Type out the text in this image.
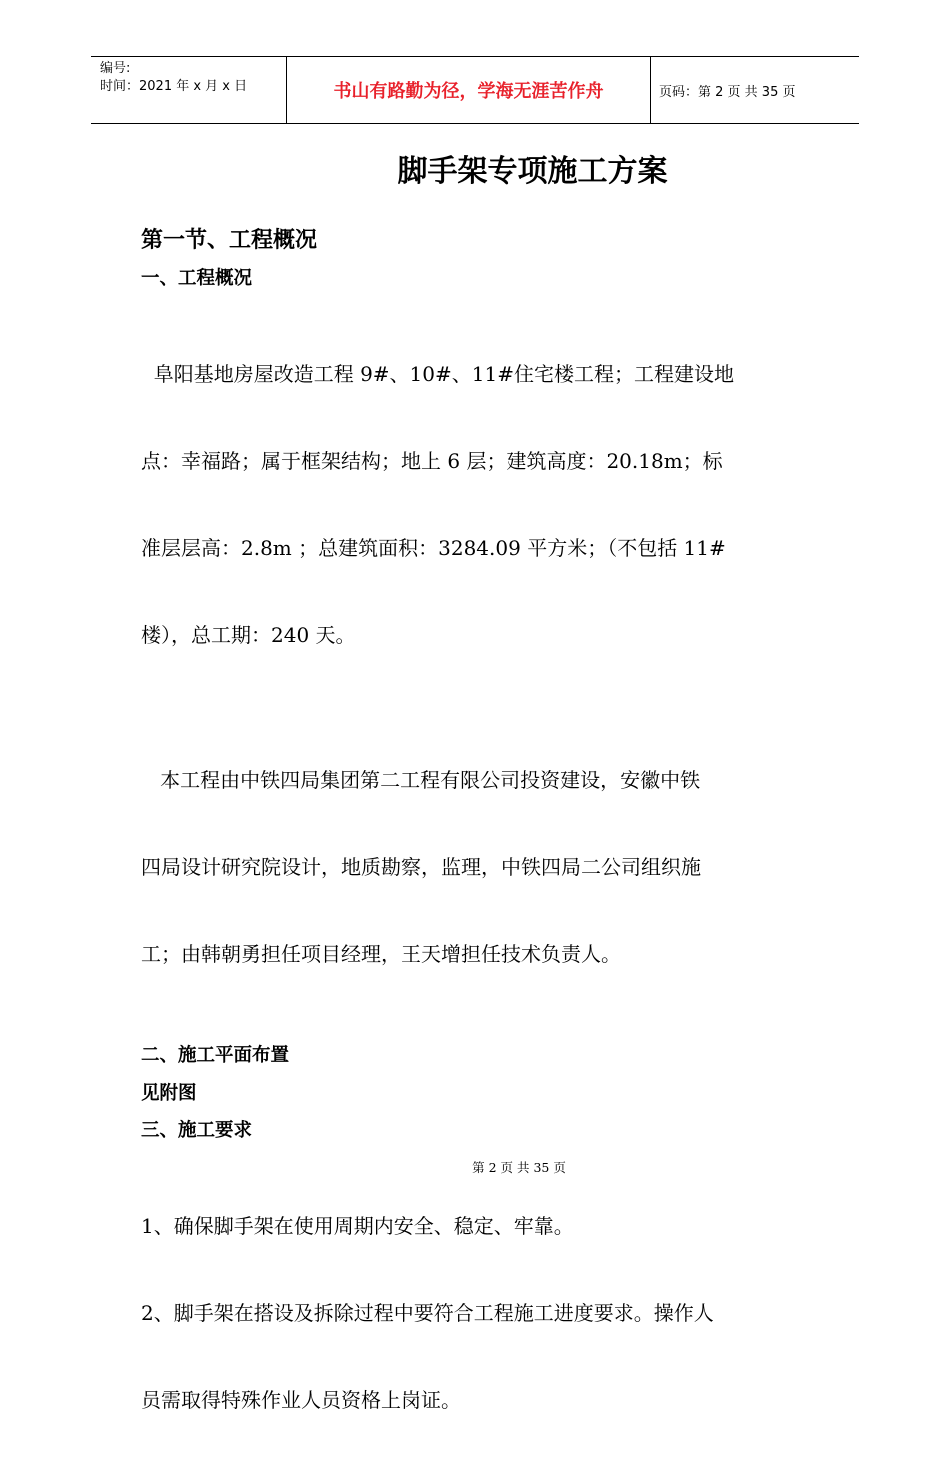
编号:
时间：2021 年 x 月 x 日	书山有路勤为径，学海无涯苦作舟	页码：第 2 页 共 35 页
脚手架专项施工方案
第一节、工程概况
一、工程概况

阜阳基地房屋改造工程 9#、10#、11#住宅楼工程；工程建设地

点：幸福路；属于框架结构；地上 6 层；建筑高度：20.18m；标

准层层高：2.8m ；总建筑面积：3284.09 平方米；（不包括 11#

楼），总工期：240 天。

本工程由中铁四局集团第二工程有限公司投资建设，安徽中铁

四局设计研究院设计，地质勘察，监理，中铁四局二公司组织施

工；由韩朝勇担任项目经理，王天增担任技术负责人。

二、施工平面布置
见附图
三、施工要求

1、确保脚手架在使用周期内安全、稳定、牢靠。

2、脚手架在搭设及拆除过程中要符合工程施工进度要求。操作人

员需取得特殊作业人员资格上岗证。

第 2 页 共 35 页
